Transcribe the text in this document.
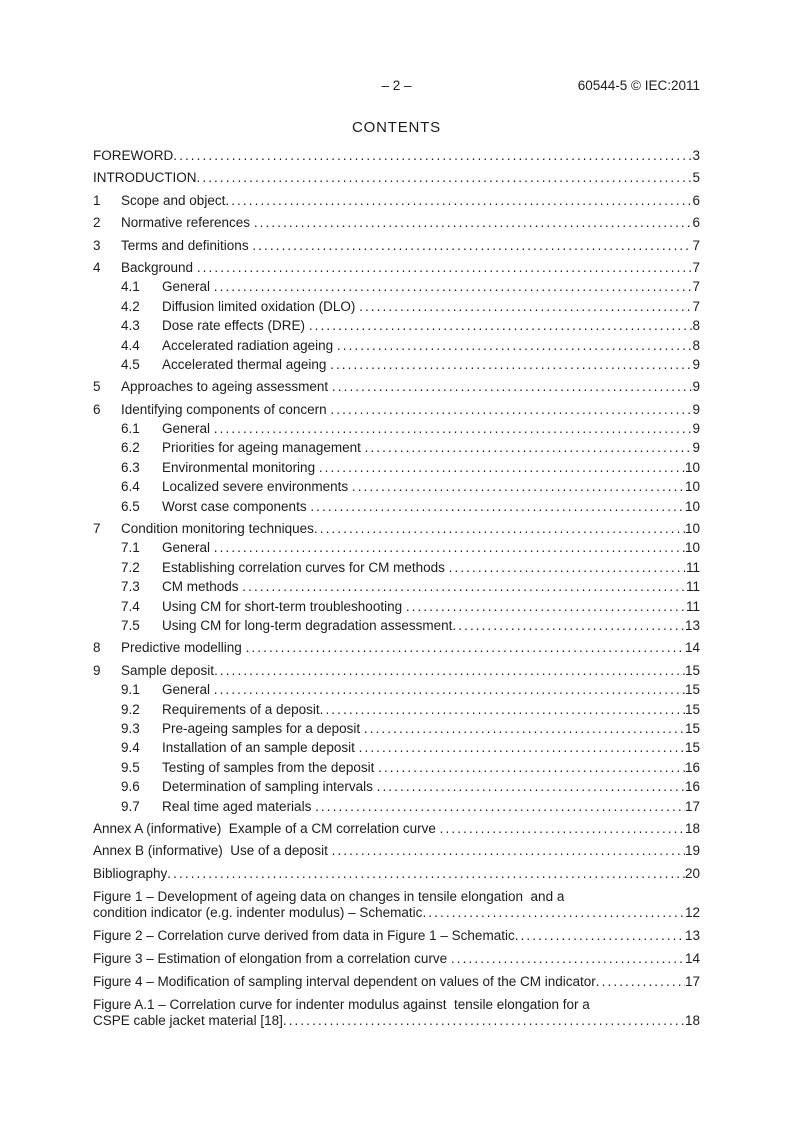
– 2 –	60544-5 © IEC:2011
CONTENTS
FOREWORD .....	3
INTRODUCTION .....	5
1	Scope and object .....	6
2	Normative references .....	6
3	Terms and definitions .....	7
4	Background .....	7
4.1	General .....	7
4.2	Diffusion limited oxidation (DLO) .....	7
4.3	Dose rate effects (DRE) .....	8
4.4	Accelerated radiation ageing .....	8
4.5	Accelerated thermal ageing .....	9
5	Approaches to ageing assessment .....	9
6	Identifying components of concern .....	9
6.1	General .....	9
6.2	Priorities for ageing management .....	9
6.3	Environmental monitoring .....	10
6.4	Localized severe environments .....	10
6.5	Worst case components .....	10
7	Condition monitoring techniques .....	10
7.1	General .....	10
7.2	Establishing correlation curves for CM methods .....	11
7.3	CM methods .....	11
7.4	Using CM for short-term troubleshooting .....	11
7.5	Using CM for long-term degradation assessment .....	13
8	Predictive modelling .....	14
9	Sample deposit .....	15
9.1	General .....	15
9.2	Requirements of a deposit .....	15
9.3	Pre-ageing samples for a deposit .....	15
9.4	Installation of an sample deposit .....	15
9.5	Testing of samples from the deposit .....	16
9.6	Determination of sampling intervals .....	16
9.7	Real time aged materials .....	17
Annex A (informative)  Example of a CM correlation curve .....	18
Annex B (informative)  Use of a deposit .....	19
Bibliography .....	20
Figure 1 – Development of ageing data on changes in tensile elongation  and a
condition indicator (e.g. indenter modulus) – Schematic .....	12
Figure 2 – Correlation curve derived from data in Figure 1 – Schematic .....	13
Figure 3 – Estimation of elongation from a correlation curve .....	14
Figure 4 – Modification of sampling interval dependent on values of the CM indicator .....	17
Figure A.1 – Correlation curve for indenter modulus against  tensile elongation for a
CSPE cable jacket material [18] .....	18
